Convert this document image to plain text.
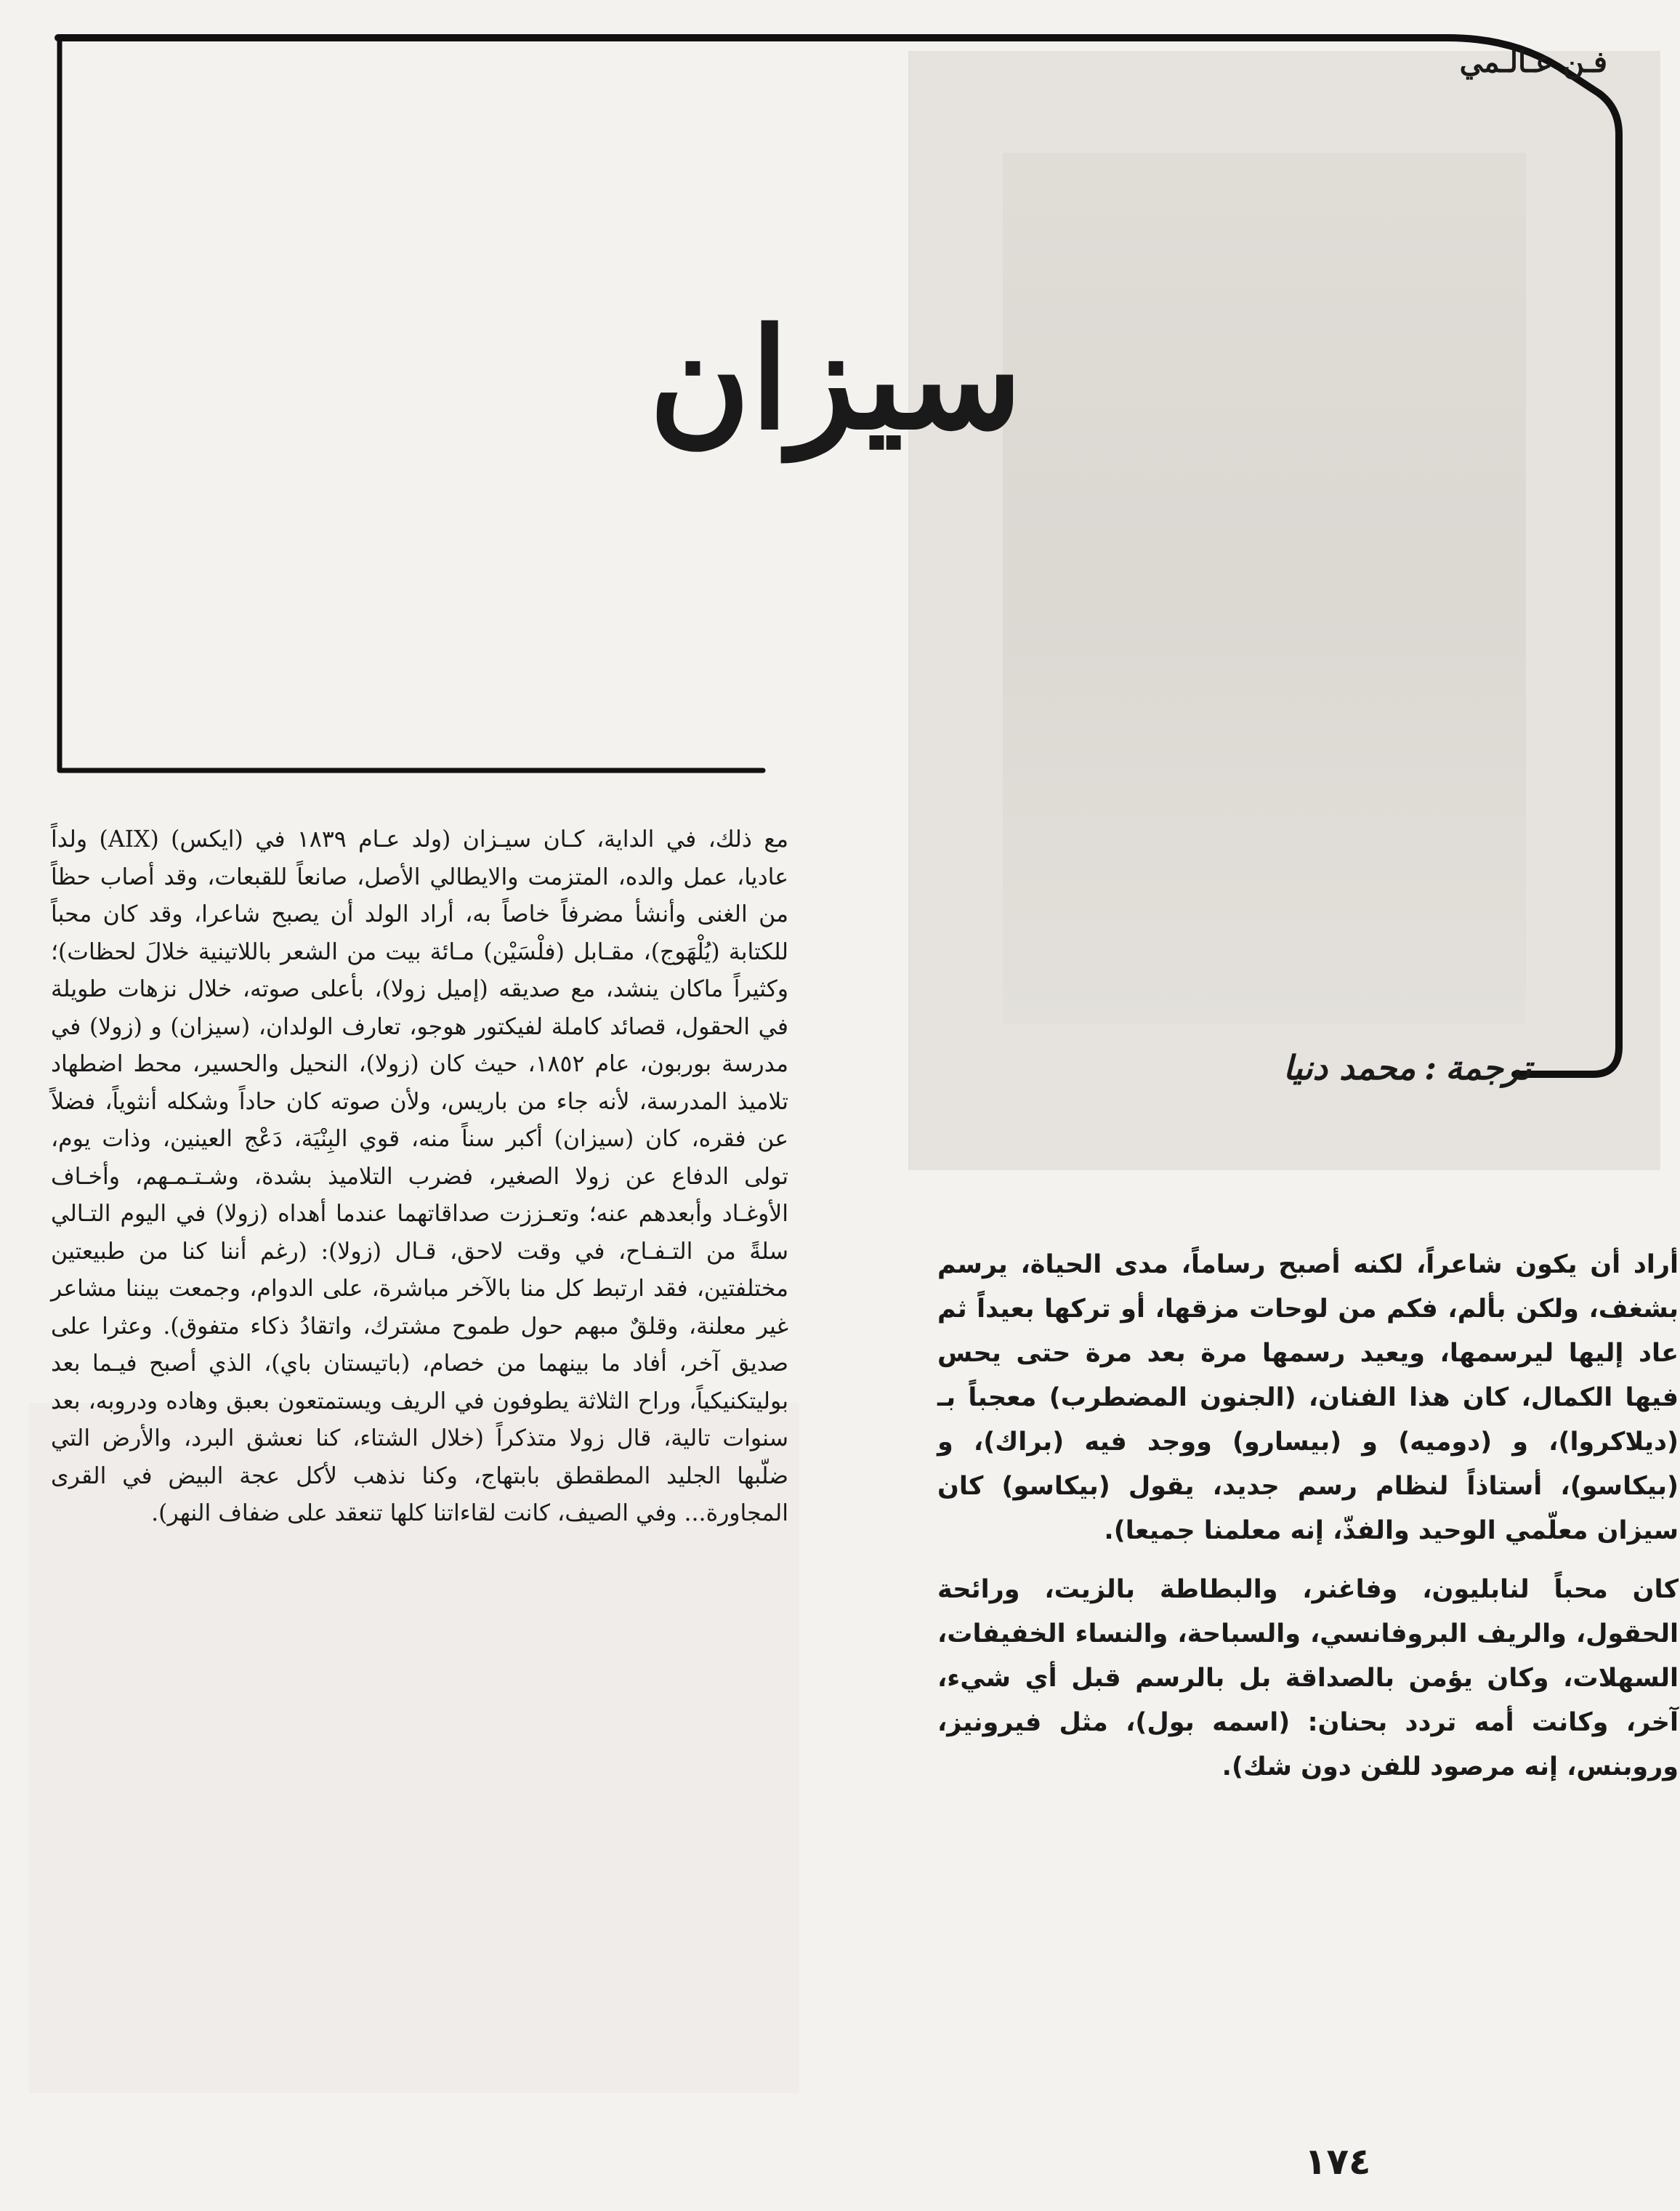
فـن عـالـمي
سيزان
ترجمة:محمد دنيا

مع ذلك، في الداية، كـان سيـزان (ولد عـام ١٨٣٩ في (ايكس) (AIX) ولداً عاديا، عمل والده، المتزمت والايطالي الأصل، صانعاً للقبعات، وقد أصاب حظاً من الغنى وأنشأ مضرفاً خاصاً به، أراد الولد أن يصبح شاعرا، وقد كان محباً للكتابة (يُلْهَوج)، مقـابل (فلْسَيْن) مـائة بيت من الشعر باللاتينية خلالَ لحظات)؛ وكثيراً ماكان ينشد، مع صديقه (إميل زولا)، بأعلى صوته، خلال نزهات طويلة في الحقول، قصائد كاملة لفيكتور هوجو، تعارف الولدان، (سيزان) و (زولا) في مدرسة بوربون، عام ١٨٥٢، حيث كان (زولا)، النحيل والحسير، محط اضطهاد تلاميذ المدرسة، لأنه جاء من باريس، ولأن صوته كان حاداً وشكله أنثوياً، فضلاً عن فقره، كان (سيزان) أكبر سناً منه، قوي البِنْيَة، دَعْج العينين، وذات يوم، تولى الدفاع عن زولا الصغير، فضرب التلاميذ بشدة، وشـتـمـهم، وأخـاف الأوغـاد وأبعدهم عنه؛ وتعـززت صداقاتهما عندما أهداه (زولا) في اليوم التـالي سلةً من التـفـاح، في وقت لاحق، قـال (زولا): (رغم أننا كنا من طبيعتين مختلفتين، فقد ارتبط كل منا بالآخر مباشرة، على الدوام، وجمعت بيننا مشاعر غير معلنة، وقلقٌ مبهم حول طموح مشترك، واتقادُ ذكاء متفوق). وعثرا على صديق آخر، أفاد ما بينهما من خصام، (باتيستان باي)، الذي أصبح فيـما بعد بوليتكنيكياً، وراح الثلاثة يطوفون في الريف ويستمتعون بعبق وهاده ودروبه، بعد سنوات تالية، قال زولا متذكراً (خلال الشتاء، كنا نعشق البرد، والأرض التي ضلّبها الجليد المطقطق بابتهاج، وكنا نذهب لأكل عجة البيض في القرى المجاورة... وفي الصيف، كانت لقاءاتنا كلها تنعقد على ضفاف النهر).

أراد أن يكون شاعراً، لكنه أصبح رساماً، مدى الحياة، يرسم بشغف، ولكن بألم، فكم من لوحات مزقها، أو تركها بعيداً ثم عاد إليها ليرسمها، ويعيد رسمها مرة بعد مرة حتى يحس فيها الكمال، كان هذا الفنان، (الجنون المضطرب) معجباً بـ (ديلاكروا)، و (دوميه) و (بيسارو) ووجد فيه (براك)، و (بيكاسو)، أستاذاً لنظام رسم جديد، يقول (بيكاسو) كان سيزان معلّمي الوحيد والفذّ، إنه معلمنا جميعا).

كان محباً لنابليون، وفاغنر، والبطاطة بالزيت، ورائحة الحقول، والريف البروفانسي، والسباحة، والنساء الخفيفات، السهلات، وكان يؤمن بالصداقة بل بالرسم قبل أي شيء، آخر، وكانت أمه تردد بحنان: (اسمه بول)، مثل فيرونيز، وروبنس، إنه مرصود للفن دون شك).

١٧٤
